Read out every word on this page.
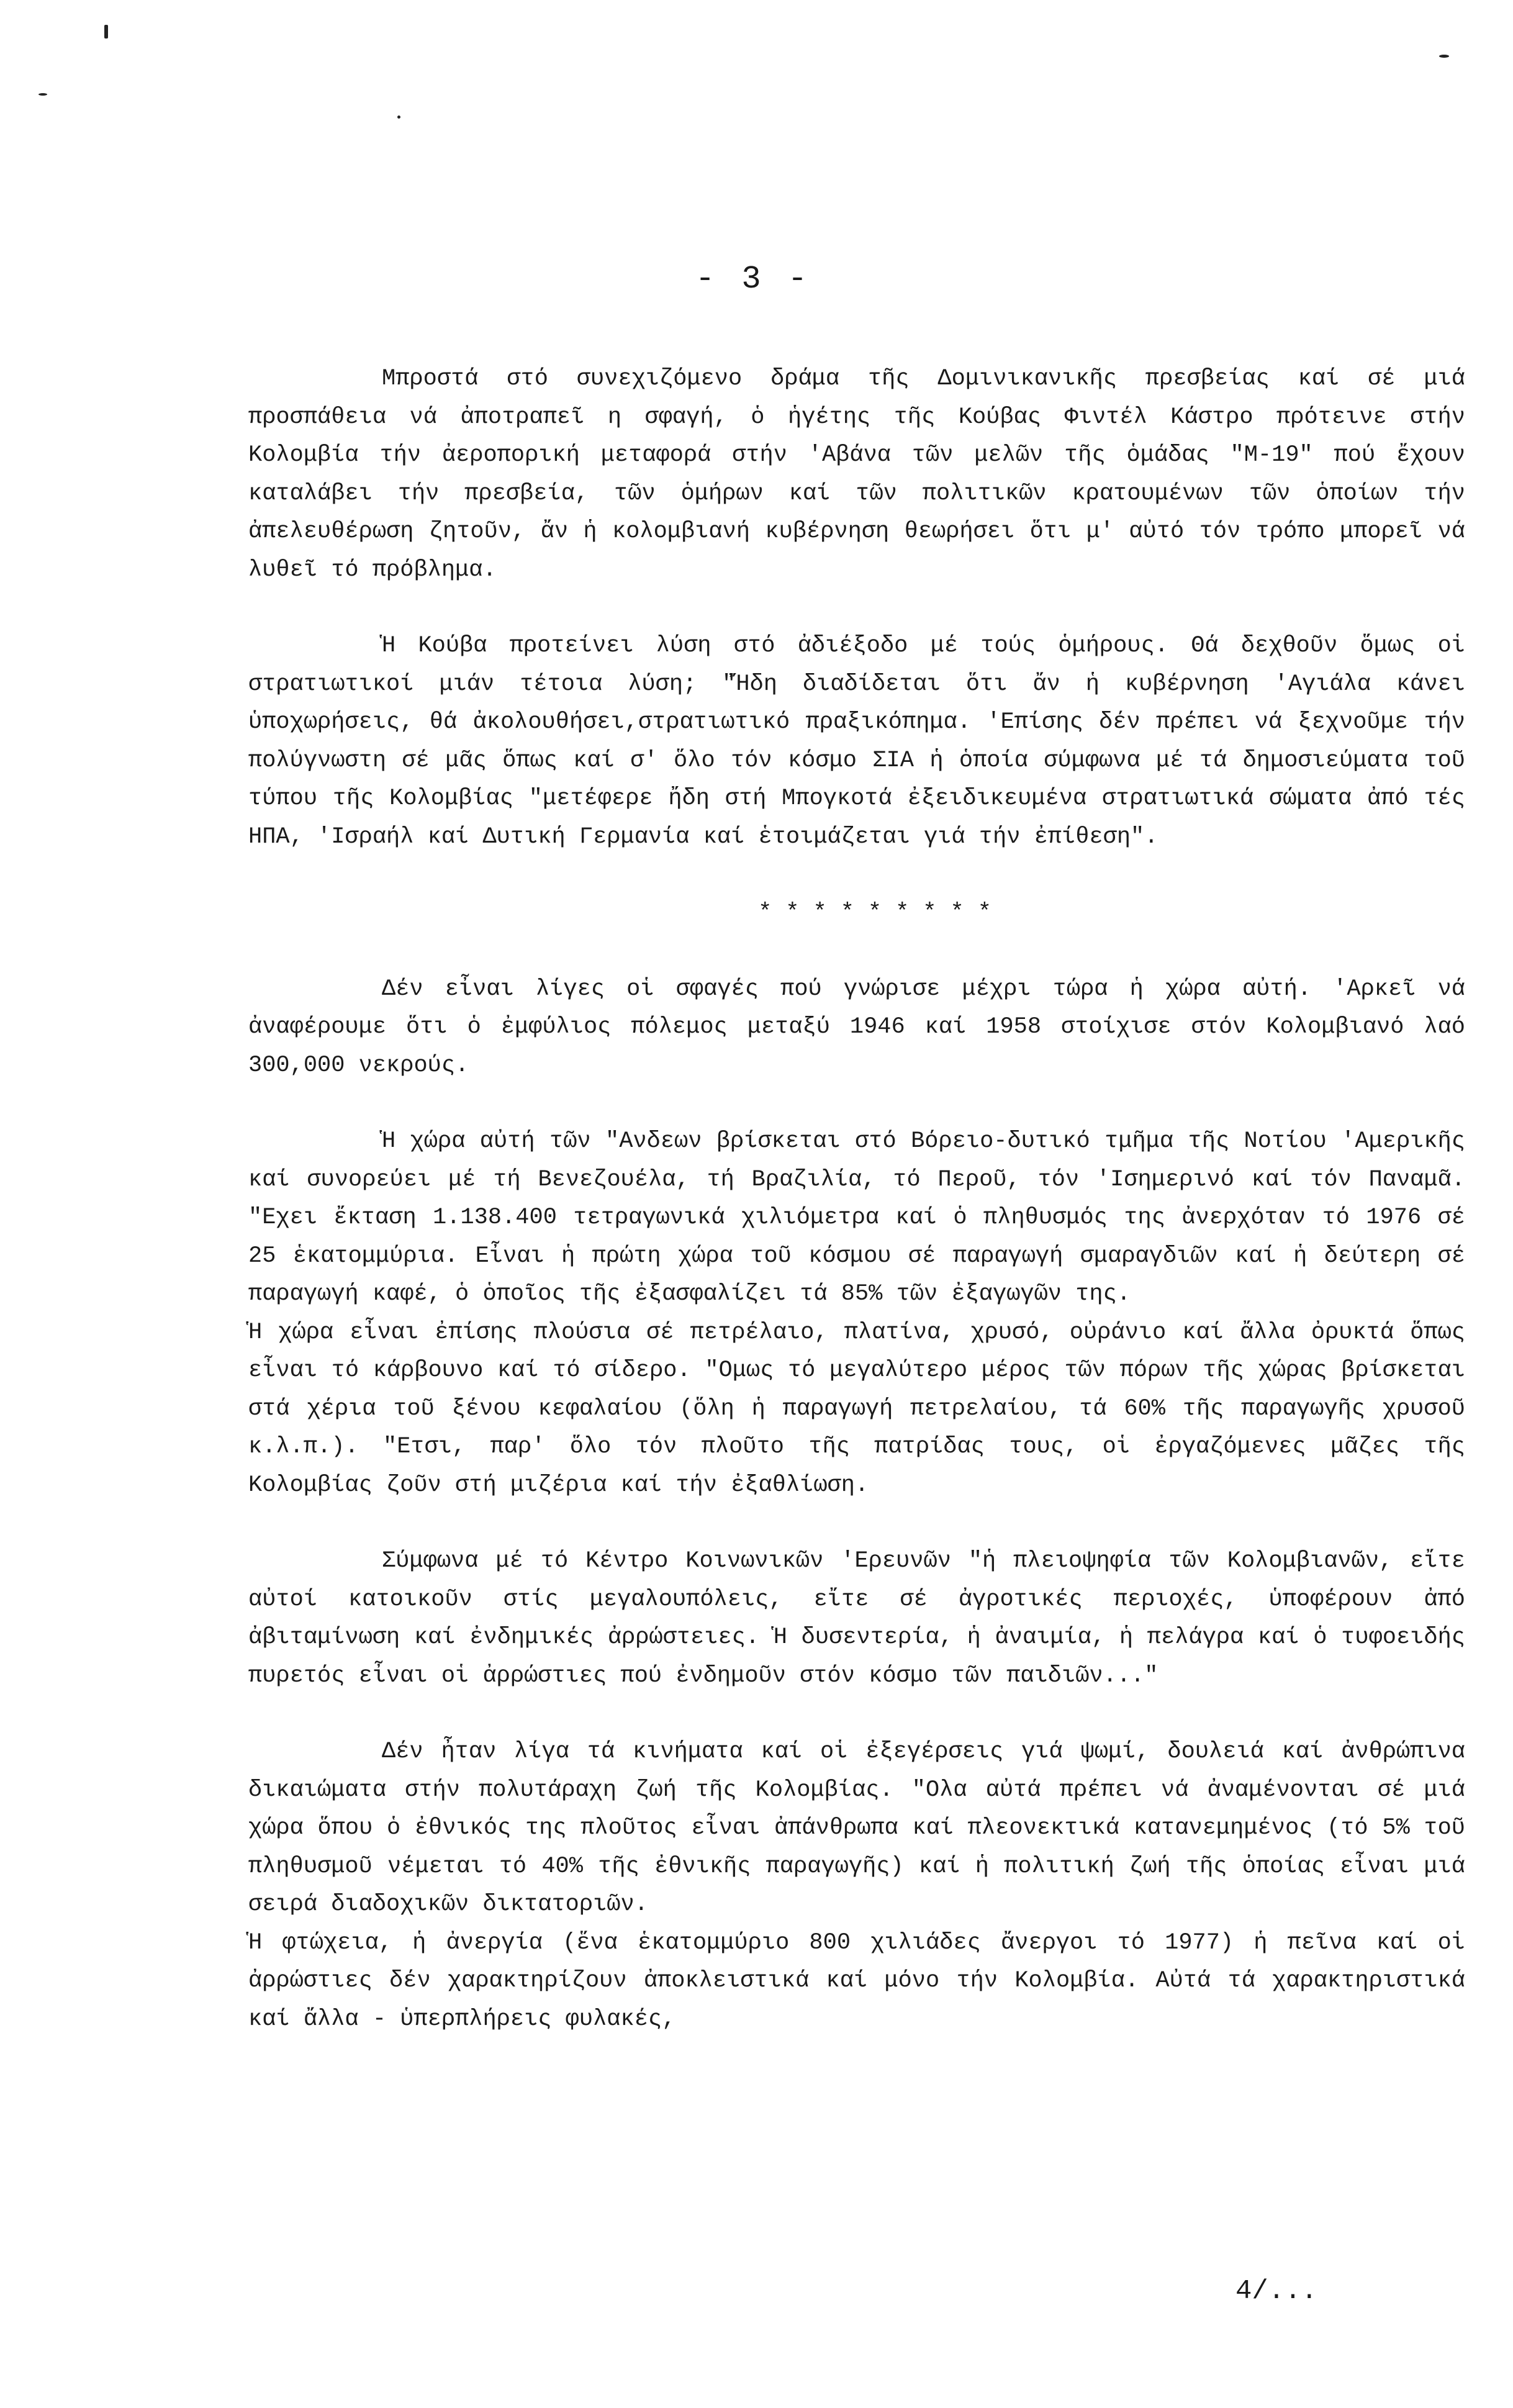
- 3 -

Μπροστά στό συνεχιζόμενο δράμα τῆς Δομινικανικῆς πρεσβείας καί σέ μιά προσπάθεια νά ἀποτραπεῖ η σφαγή, ὁ ἡγέτης τῆς Κούβας Φιντέλ Κάστρο πρότεινε στήν Κολομβία τήν ἀεροπορική μεταφορά στήν 'Αβάνα τῶν μελῶν τῆς ὁμάδας "Μ-19" πού ἔχουν καταλάβει τήν πρεσβεία, τῶν ὁμήρων καί τῶν πολιτικῶν κρατουμένων τῶν ὁποίων τήν ἀπελευθέρωση ζητοῦν, ἄν ἡ κολομβιανή κυβέρνηση θεωρήσει ὅτι μ' αὐτό τόν τρόπο μπορεῖ νά λυθεῖ τό πρόβλημα.

Ἡ Κούβα προτείνει λύση στό ἀδιέξοδο μέ τούς ὁμήρους. Θά δεχθοῦν ὅμως οἱ στρατιωτικοί μιάν τέτοια λύση; "Ἤδη διαδίδεται ὅτι ἄν ἡ κυβέρνηση 'Αγιάλα κάνει ὑποχωρήσεις, θά ἀκολουθήσει,στρατιωτικό πραξικόπημα. 'Επίσης δέν πρέπει νά ξεχνοῦμε τήν πολύγνωστη σέ μᾶς ὅπως καί σ' ὅλο τόν κόσμο ΣΙΑ ἡ ὁποία σύμφωνα μέ τά δημοσιεύματα τοῦ τύπου τῆς Κολομβίας "μετέφερε ἤδη στή Μπογκοτά ἐξειδικευμένα στρατιωτικά σώματα ἀπό τές ΗΠΑ, 'Ισραήλ καί Δυτική Γερμανία καί ἑτοιμάζεται γιά τήν ἐπίθεση".

*********

Δέν εἶναι λίγες οἱ σφαγές πού γνώρισε μέχρι τώρα ἡ χώρα αὐτή. 'Αρκεῖ νά ἀναφέρουμε ὅτι ὁ ἐμφύλιος πόλεμος μεταξύ 1946 καί 1958 στοίχισε στόν Κολομβιανό λαό 300,000 νεκρούς.

Ἡ χώρα αὐτή τῶν "Ανδεων βρίσκεται στό Βόρειο-δυτικό τμῆμα τῆς Νοτίου 'Αμερικῆς καί συνορεύει μέ τή Βενεζουέλα, τή Βραζιλία, τό Περοῦ, τόν 'Ισημερινό καί τόν Παναμᾶ. "Εχει ἔκταση 1.138.400 τετραγωνικά χιλιόμετρα καί ὁ πληθυσμός της ἀνερχόταν τό 1976 σέ 25 ἑκατομμύρια. Εἶναι ἡ πρώτη χώρα τοῦ κόσμου σέ παραγωγή σμαραγδιῶν καί ἡ δεύτερη σέ παραγωγή καφέ, ὁ ὁποῖος τῆς ἐξασφαλίζει τά 85% τῶν ἐξαγωγῶν της.

Ἡ χώρα εἶναι ἐπίσης πλούσια σέ πετρέλαιο, πλατίνα, χρυσό, οὐράνιο καί ἄλλα ὀρυκτά ὅπως εἶναι τό κάρβουνο καί τό σίδερο. "Ομως τό μεγαλύτερο μέρος τῶν πόρων τῆς χώρας βρίσκεται στά χέρια τοῦ ξένου κεφαλαίου (ὅλη ἡ παραγωγή πετρελαίου, τά 60% τῆς παραγωγῆς χρυσοῦ κ.λ.π.). "Ετσι, παρ' ὅλο τόν πλοῦτο τῆς πατρίδας τους, οἱ ἐργαζόμενες μᾶζες τῆς Κολομβίας ζοῦν στή μιζέρια καί τήν ἐξαθλίωση.

Σύμφωνα μέ τό Κέντρο Κοινωνικῶν 'Ερευνῶν "ἡ πλειοψηφία τῶν Κολομβιανῶν, εἴτε αὐτοί κατοικοῦν στίς μεγαλουπόλεις, εἴτε σέ ἀγροτικές περιοχές, ὑποφέρουν ἀπό ἀβιταμίνωση καί ἐνδημικές ἀρρώστειες. Ἡ δυσεντερία, ἡ ἀναιμία, ἡ πελάγρα καί ὁ τυφοειδής πυρετός εἶναι οἱ ἀρρώστιες πού ἐνδημοῦν στόν κόσμο τῶν παιδιῶν..."

Δέν ἦταν λίγα τά κινήματα καί οἱ ἐξεγέρσεις γιά ψωμί, δουλειά καί ἀνθρώπινα δικαιώματα στήν πολυτάραχη ζωή τῆς Κολομβίας. "Ολα αὐτά πρέπει νά ἀναμένονται σέ μιά χώρα ὅπου ὁ ἐθνικός της πλοῦτος εἶναι ἀπάνθρωπα καί πλεονεκτικά κατανεμημένος (τό 5% τοῦ πληθυσμοῦ νέμεται τό 40% τῆς ἐθνικῆς παραγωγῆς) καί ἡ πολιτική ζωή τῆς ὁποίας εἶναι μιά σειρά διαδοχικῶν δικτατοριῶν.

Ἡ φτώχεια, ἡ ἀνεργία (ἕνα ἑκατομμύριο 800 χιλιάδες ἄνεργοι τό 1977) ἡ πεῖνα καί οἱ ἀρρώστιες δέν χαρακτηρίζουν ἀποκλειστικά καί μόνο τήν Κολομβία. Αὐτά τά χαρακτηριστικά καί ἄλλα - ὑπερπλήρεις φυλακές,

4/...
